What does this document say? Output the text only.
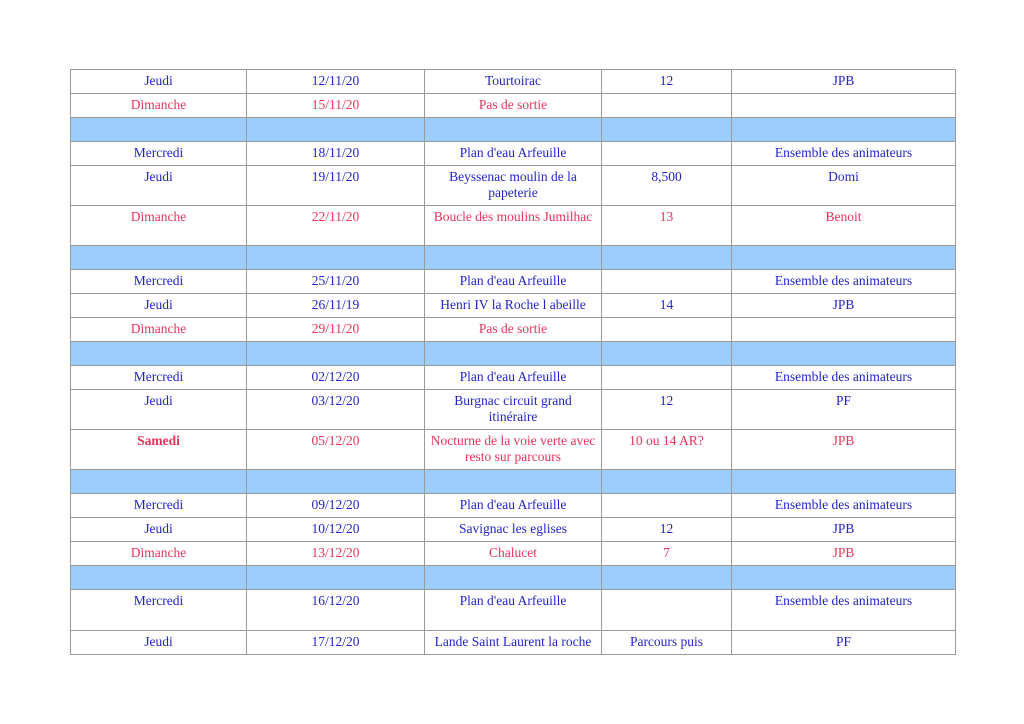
Jeudi	12/11/20	Tourtoirac	12	JPB
Dimanche	15/11/20	Pas de sortie		

Mercredi	18/11/20	Plan d'eau Arfeuille		Ensemble des animateurs
Jeudi	19/11/20	Beyssenac moulin de la papeterie	8,500	Domi
Dimanche	22/11/20	Boucle des moulins Jumilhac	13	Benoit

Mercredi	25/11/20	Plan d'eau Arfeuille		Ensemble des animateurs
Jeudi	26/11/19	Henri IV la Roche l abeille	14	JPB
Dimanche	29/11/20	Pas de sortie		

Mercredi	02/12/20	Plan d'eau Arfeuille		Ensemble des animateurs
Jeudi	03/12/20	Burgnac circuit grand itinéraire	12	PF
Samedi	05/12/20	Nocturne de la voie verte avec resto sur parcours	10 ou 14 AR?	JPB

Mercredi	09/12/20	Plan d'eau Arfeuille		Ensemble des animateurs
Jeudi	10/12/20	Savignac les eglises	12	JPB
Dimanche	13/12/20	Chalucet	7	JPB

Mercredi	16/12/20	Plan d'eau Arfeuille		Ensemble des animateurs
Jeudi	17/12/20	Lande Saint Laurent la roche	Parcours puis	PF
